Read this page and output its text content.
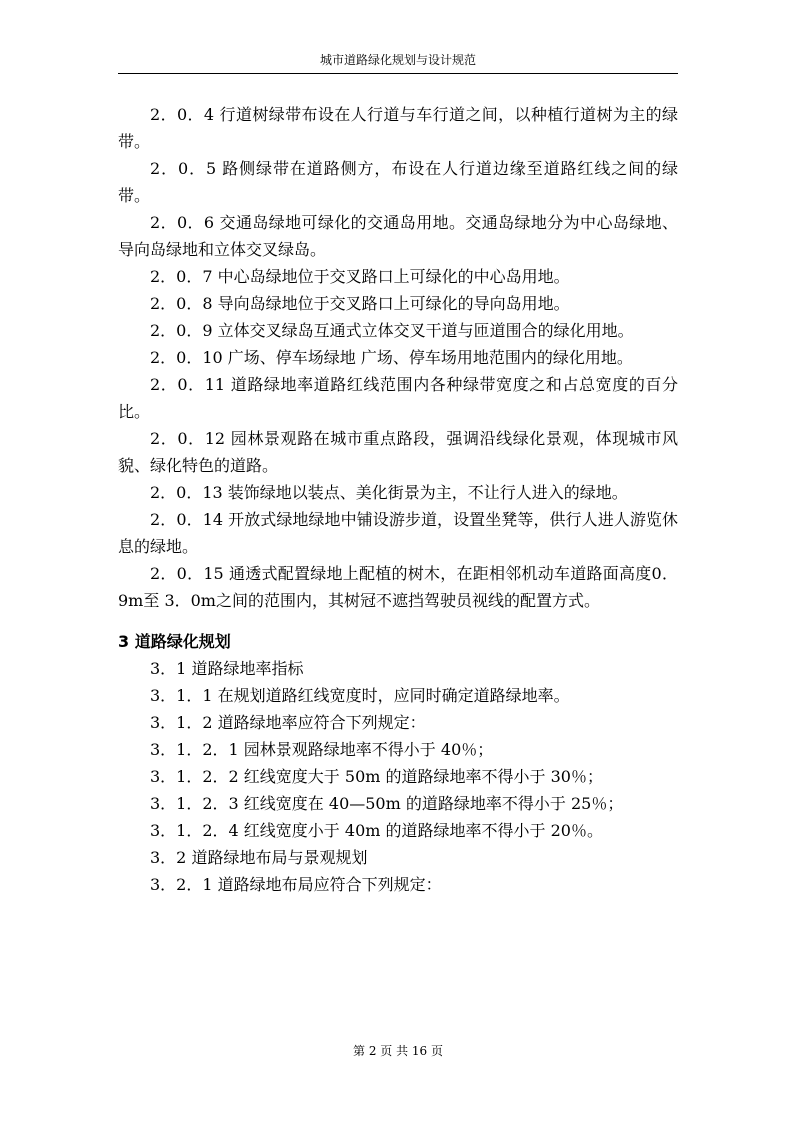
城市道路绿化规划与设计规范

2．0．4 行道树绿带布设在人行道与车行道之间，以种植行道树为主的绿带。

2．0．5 路侧绿带在道路侧方，布设在人行道边缘至道路红线之间的绿带。

2．0．6 交通岛绿地可绿化的交通岛用地。交通岛绿地分为中心岛绿地、导向岛绿地和立体交叉绿岛。

2．0．7 中心岛绿地位于交叉路口上可绿化的中心岛用地。

2．0．8 导向岛绿地位于交叉路口上可绿化的导向岛用地。

2．0．9 立体交叉绿岛互通式立体交叉干道与匝道围合的绿化用地。

2．0．10 广场、停车场绿地 广场、停车场用地范围内的绿化用地。

2．0．11 道路绿地率道路红线范围内各种绿带宽度之和占总宽度的百分比。

2．0．12 园林景观路在城市重点路段，强调沿线绿化景观，体现城市风貌、绿化特色的道路。

2．0．13 装饰绿地以装点、美化街景为主，不让行人进入的绿地。

2．0．14 开放式绿地绿地中铺设游步道，设置坐凳等，供行人进人游览休息的绿地。

2．0．15 通透式配置绿地上配植的树木，在距相邻机动车道路面高度0．9m至 3．0m之间的范围内，其树冠不遮挡驾驶员视线的配置方式。

3 道路绿化规划

3．1 道路绿地率指标

3．1．1 在规划道路红线宽度时，应同时确定道路绿地率。

3．1．2 道路绿地率应符合下列规定：

3．1．2．1 园林景观路绿地率不得小于 40％；

3．1．2．2 红线宽度大于 50m 的道路绿地率不得小于 30％；

3．1．2．3 红线宽度在 40—50m 的道路绿地率不得小于 25％；

3．1．2．4 红线宽度小于 40m 的道路绿地率不得小于 20％。

3．2 道路绿地布局与景观规划

3．2．1 道路绿地布局应符合下列规定：

第 2 页 共 16 页
